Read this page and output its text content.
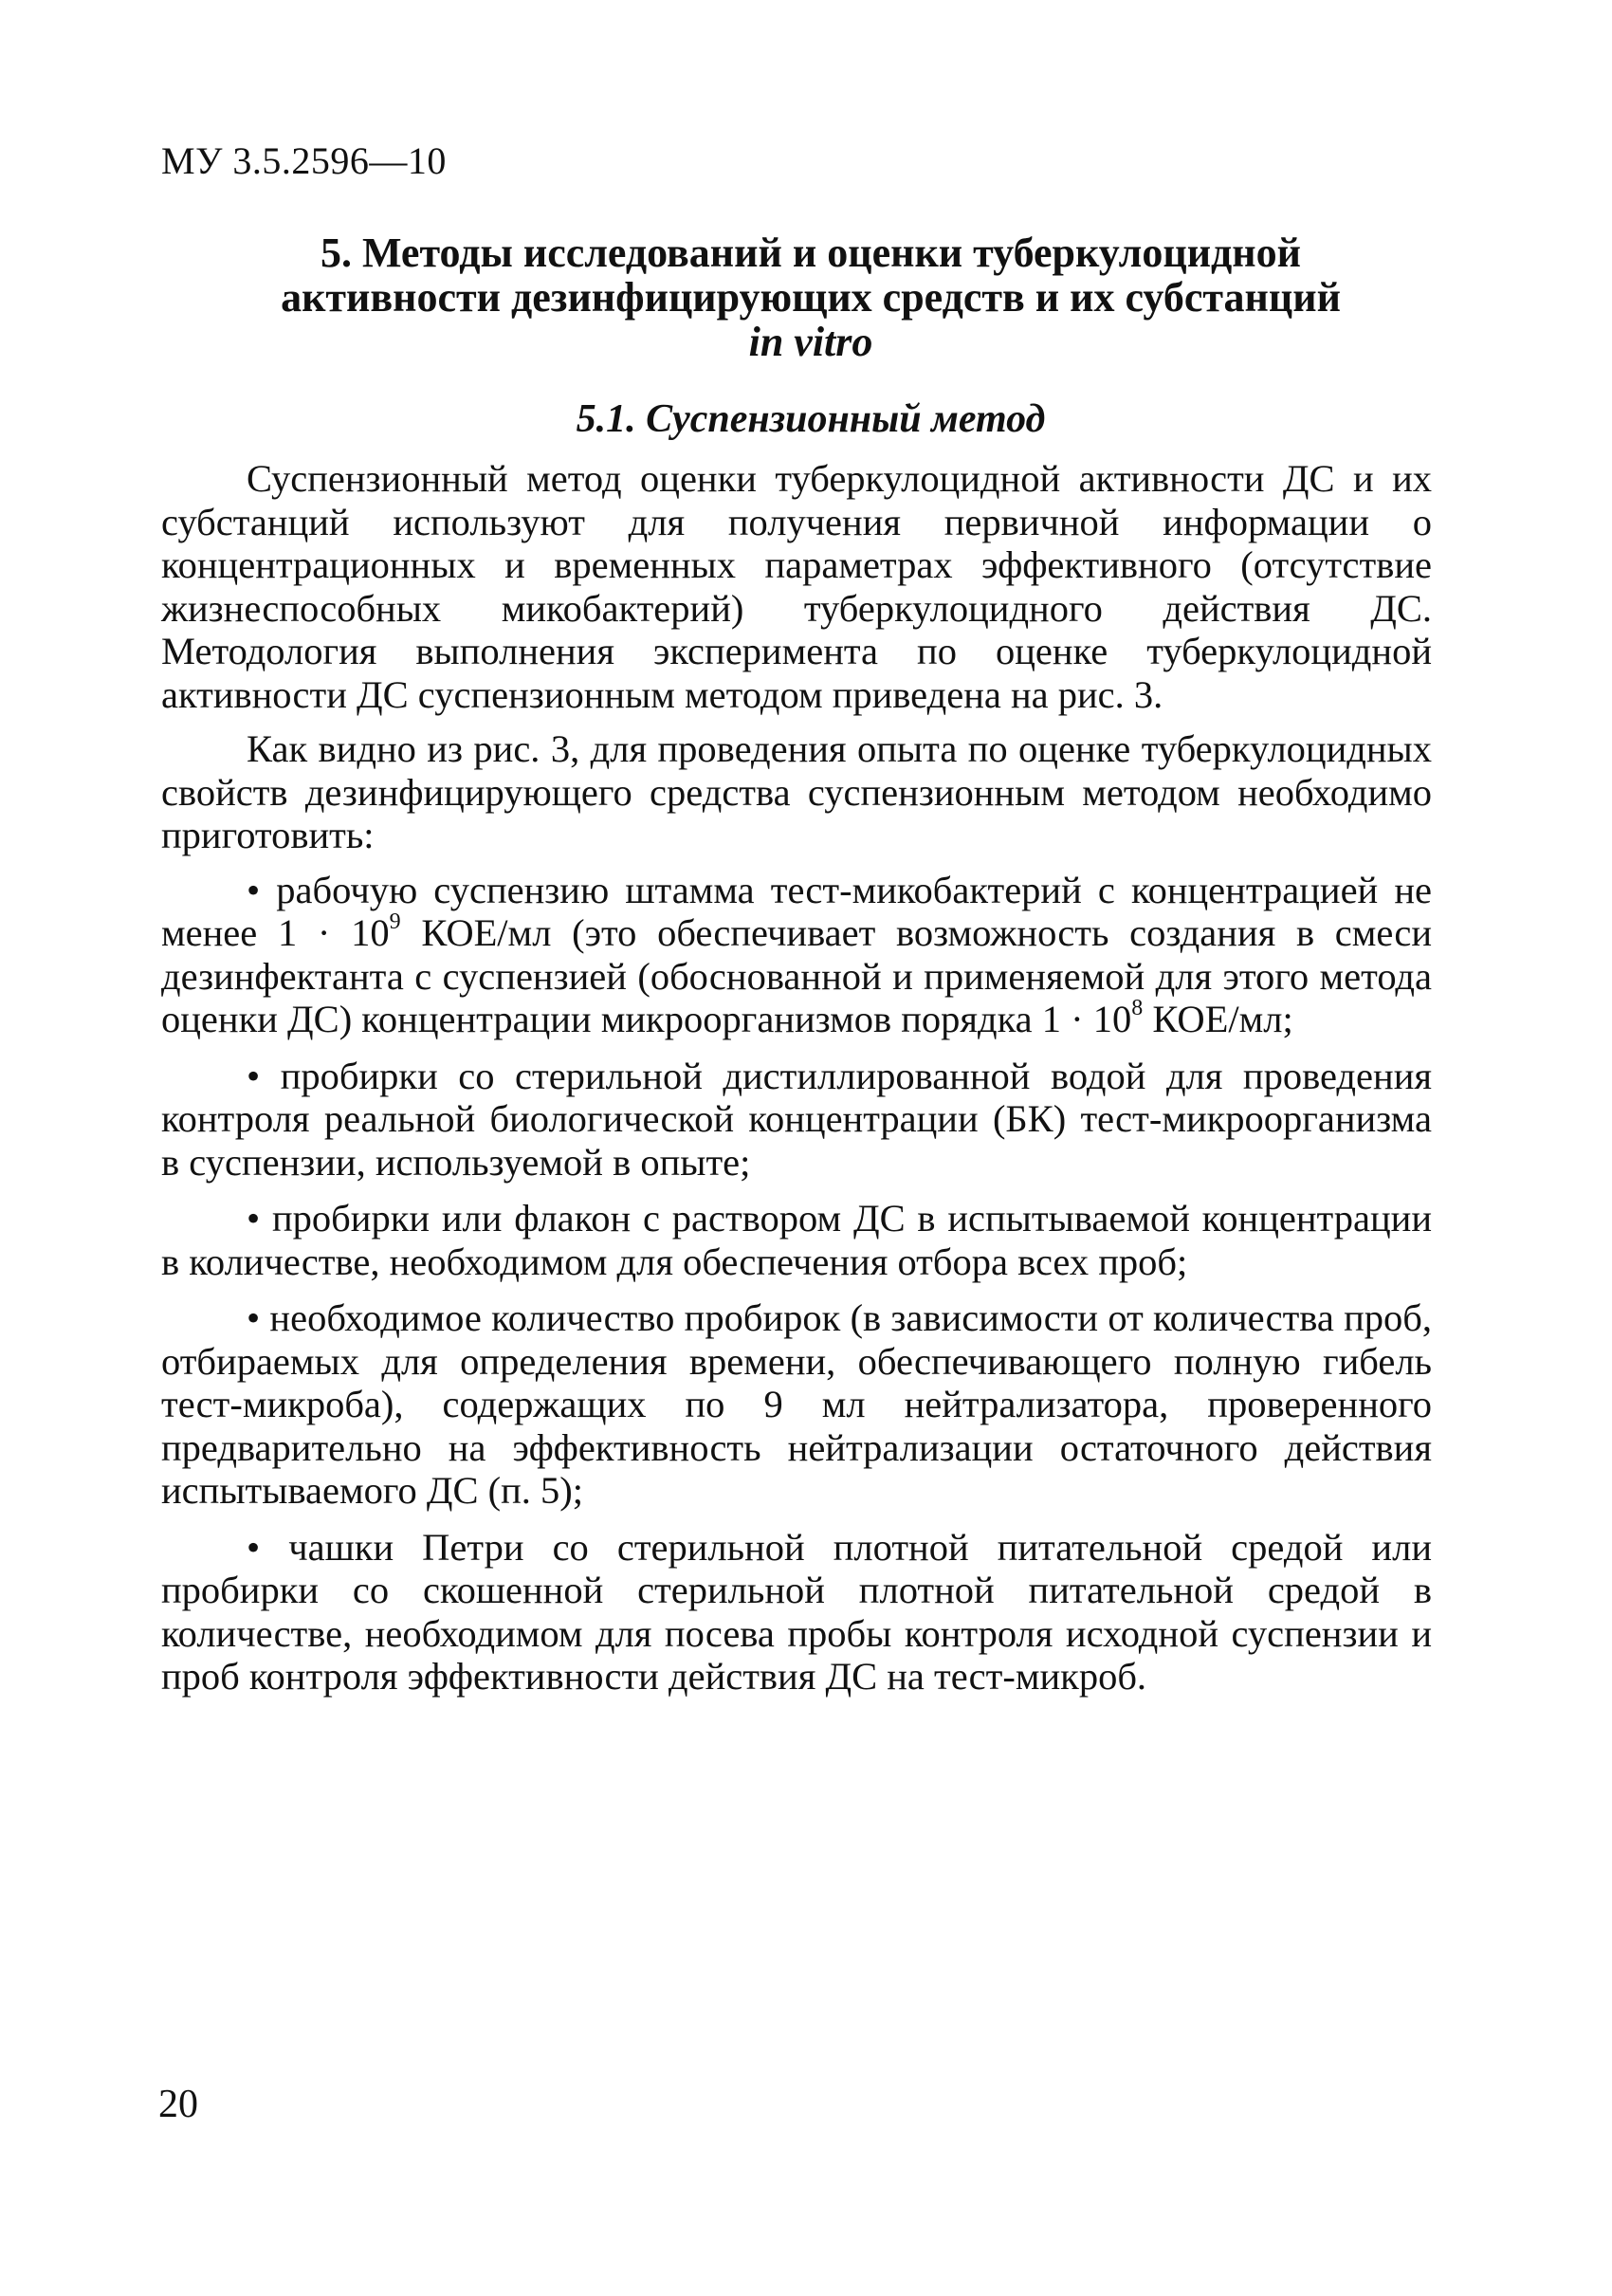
МУ 3.5.2596—10
5. Методы исследований и оценки туберкулоцидной
активности дезинфицирующих средств и их субстанций
in vitro
5.1. Суспензионный метод

Суспензионный метод оценки туберкулоцидной активности ДС и их субстанций используют для получения первичной информации о концентрационных и временных параметрах эффективного (отсутствие жизнеспособных микобактерий) туберкулоцидного действия ДС. Методология выполнения эксперимента по оценке туберкулоцидной активности ДС суспензионным методом приведена на рис. 3.

Как видно из рис. 3, для проведения опыта по оценке туберкулоцидных свойств дезинфицирующего средства суспензионным методом необходимо приготовить:

• рабочую суспензию штамма тест-микобактерий с концентрацией не менее $1 \cdot 10^9$ КОЕ/мл (это обеспечивает возможность создания в смеси дезинфектанта с суспензией (обоснованной и применяемой для этого метода оценки ДС) концентрации микроорганизмов порядка $1 \cdot 10^8$ КОЕ/мл;

• пробирки со стерильной дистиллированной водой для проведения контроля реальной биологической концентрации (БК) тест-микроорганизма в суспензии, используемой в опыте;

• пробирки или флакон с раствором ДС в испытываемой концентрации в количестве, необходимом для обеспечения отбора всех проб;

• необходимое количество пробирок (в зависимости от количества проб, отбираемых для определения времени, обеспечивающего полную гибель тест-микроба), содержащих по 9 мл нейтрализатора, проверенного предварительно на эффективность нейтрализации остаточного действия испытываемого ДС (п. 5);

• чашки Петри со стерильной плотной питательной средой или пробирки со скошенной стерильной плотной питательной средой в количестве, необходимом для посева пробы контроля исходной суспензии и проб контроля эффективности действия ДС на тест-микроб.

20
